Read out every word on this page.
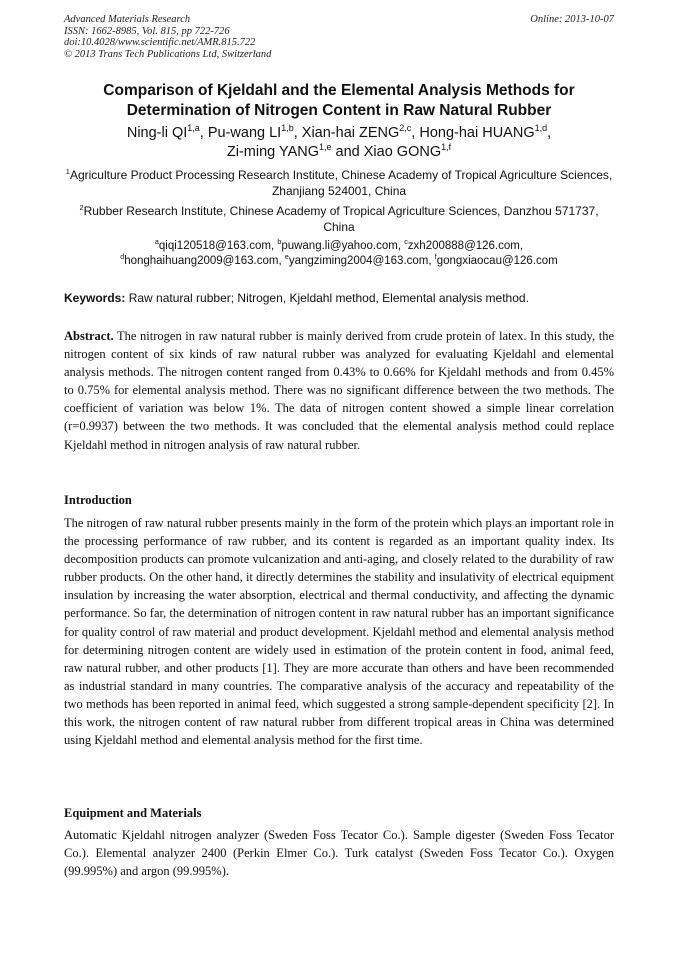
Advanced Materials Research
ISSN: 1662-8985, Vol. 815, pp 722-726
doi:10.4028/www.scientific.net/AMR.815.722
© 2013 Trans Tech Publications Ltd, Switzerland
Online: 2013-10-07
Comparison of Kjeldahl and the Elemental Analysis Methods for Determination of Nitrogen Content in Raw Natural Rubber
Ning-li QI$^{1,a}$, Pu-wang LI$^{1,b}$, Xian-hai ZENG$^{2,c}$, Hong-hai HUANG$^{1,d}$,
Zi-ming YANG$^{1,e}$ and Xiao GONG$^{1,f}$
$^1$Agriculture Product Processing Research Institute, Chinese Academy of Tropical Agriculture Sciences, Zhanjiang 524001, China
$^2$Rubber Research Institute, Chinese Academy of Tropical Agriculture Sciences, Danzhou 571737, China
$^a$qiqi120518@163.com, $^b$puwang.li@yahoo.com, $^c$zxh200888@126.com,
$^d$honghaihuang2009@163.com, $^e$yangziming2004@163.com, $^f$gongxiaocau@126.com
Keywords: Raw natural rubber; Nitrogen, Kjeldahl method, Elemental analysis method.

Abstract. The nitrogen in raw natural rubber is mainly derived from crude protein of latex. In this study, the nitrogen content of six kinds of raw natural rubber was analyzed for evaluating Kjeldahl and elemental analysis methods. The nitrogen content ranged from 0.43% to 0.66% for Kjeldahl methods and from 0.45% to 0.75% for elemental analysis method. There was no significant difference between the two methods. The coefficient of variation was below 1%. The data of nitrogen content showed a simple linear correlation (r=0.9937) between the two methods. It was concluded that the elemental analysis method could replace Kjeldahl method in nitrogen analysis of raw natural rubber.

Introduction

The nitrogen of raw natural rubber presents mainly in the form of the protein which plays an important role in the processing performance of raw rubber, and its content is regarded as an important quality index. Its decomposition products can promote vulcanization and anti-aging, and closely related to the durability of raw rubber products. On the other hand, it directly determines the stability and insulativity of electrical equipment insulation by increasing the water absorption, electrical and thermal conductivity, and affecting the dynamic performance. So far, the determination of nitrogen content in raw natural rubber has an important significance for quality control of raw material and product development. Kjeldahl method and elemental analysis method for determining nitrogen content are widely used in estimation of the protein content in food, animal feed, raw natural rubber, and other products [1]. They are more accurate than others and have been recommended as industrial standard in many countries. The comparative analysis of the accuracy and repeatability of the two methods has been reported in animal feed, which suggested a strong sample-dependent specificity [2]. In this work, the nitrogen content of raw natural rubber from different tropical areas in China was determined using Kjeldahl method and elemental analysis method for the first time.

Equipment and Materials

Automatic Kjeldahl nitrogen analyzer (Sweden Foss Tecator Co.). Sample digester (Sweden Foss Tecator Co.). Elemental analyzer 2400 (Perkin Elmer Co.). Turk catalyst (Sweden Foss Tecator Co.). Oxygen (99.995%) and argon (99.995%).
